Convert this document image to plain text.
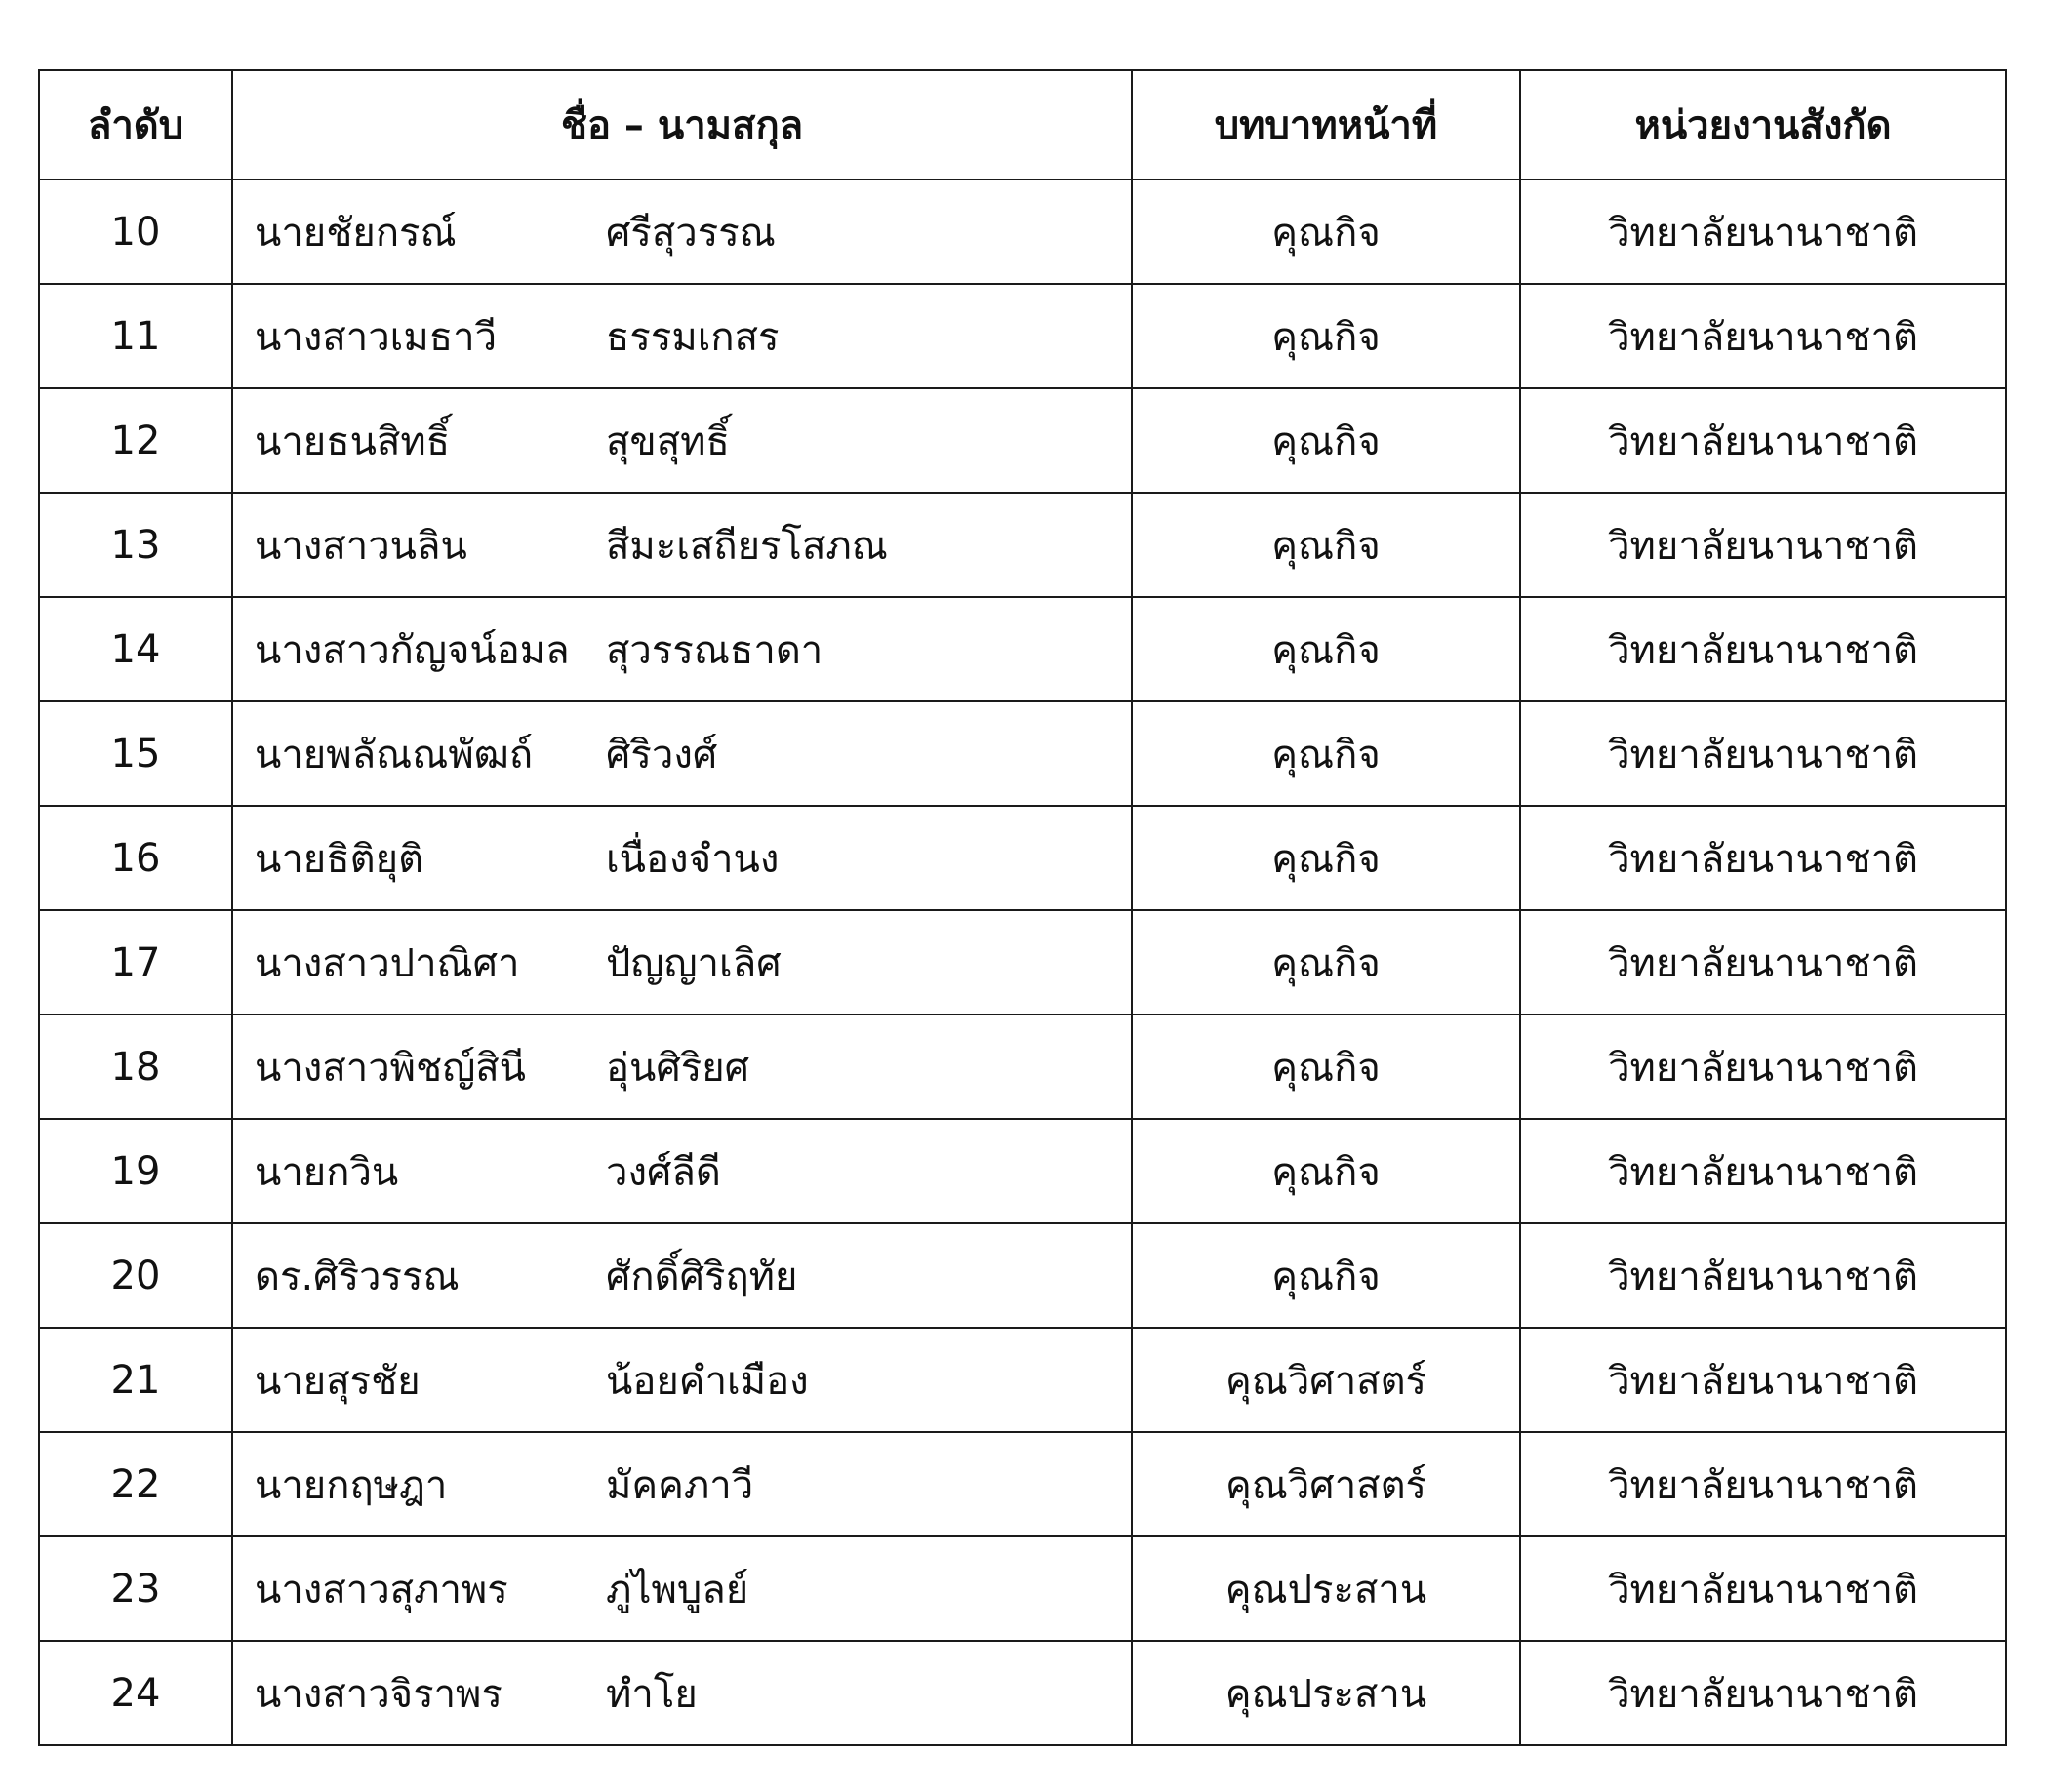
ลำดับ	ชื่อ – นามสกุล	บทบาทหน้าที่	หน่วยงานสังกัด
10	นายชัยกรณ์ ศรีสุวรรณ	คุณกิจ	วิทยาลัยนานาชาติ
11	นางสาวเมธาวี ธรรมเกสร	คุณกิจ	วิทยาลัยนานาชาติ
12	นายธนสิทธิ์ สุขสุทธิ์	คุณกิจ	วิทยาลัยนานาชาติ
13	นางสาวนลิน สีมะเสถียรโสภณ	คุณกิจ	วิทยาลัยนานาชาติ
14	นางสาวกัญจน์อมล สุวรรณธาดา	คุณกิจ	วิทยาลัยนานาชาติ
15	นายพลัณณพัฒถ์ ศิริวงศ์	คุณกิจ	วิทยาลัยนานาชาติ
16	นายธิติยุติ เนื่องจำนง	คุณกิจ	วิทยาลัยนานาชาติ
17	นางสาวปาณิศา ปัญญาเลิศ	คุณกิจ	วิทยาลัยนานาชาติ
18	นางสาวพิชญ์สินี อุ่นศิริยศ	คุณกิจ	วิทยาลัยนานาชาติ
19	นายกวิน วงศ์ลีดี	คุณกิจ	วิทยาลัยนานาชาติ
20	ดร.ศิริวรรณ ศักดิ์ศิริฤทัย	คุณกิจ	วิทยาลัยนานาชาติ
21	นายสุรชัย น้อยคำเมือง	คุณวิศาสตร์	วิทยาลัยนานาชาติ
22	นายกฤษฎา มัคคภาวี	คุณวิศาสตร์	วิทยาลัยนานาชาติ
23	นางสาวสุภาพร ภู่ไพบูลย์	คุณประสาน	วิทยาลัยนานาชาติ
24	นางสาวจิราพร ทำโย	คุณประสาน	วิทยาลัยนานาชาติ
